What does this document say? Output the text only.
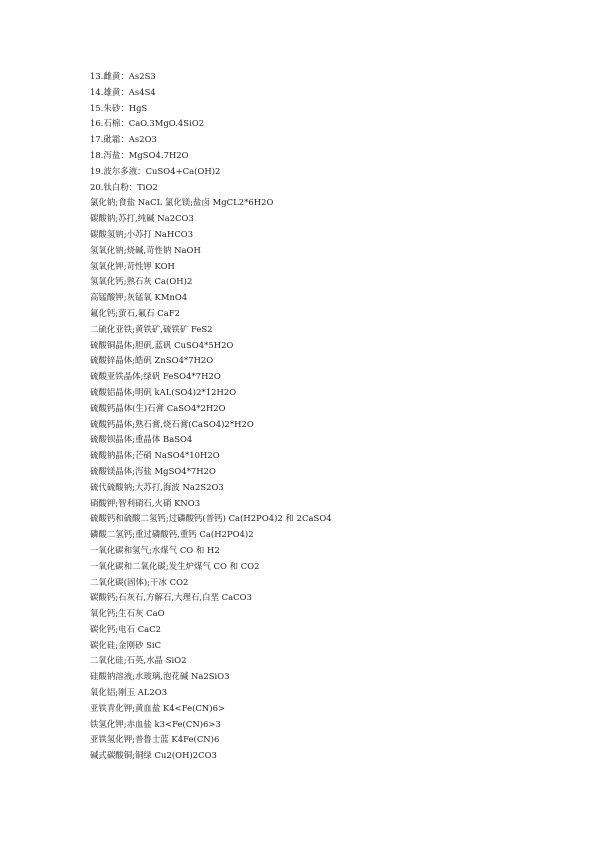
13.雌黄：As2S3
14.雄黄：As4S4
15.朱砂：HgS
16.石棉：CaO.3MgO.4SiO2
17.砒霜：As2O3
18.泻盐：MgSO4.7H2O
19.波尔多液：CuSO4+Ca(OH)2
20.钛白粉：TiO2
氯化钠;食盐 NaCL 氯化镁;盐卤 MgCL2*6H2O
碳酸钠;苏打,纯碱 Na2CO3
碳酸氢钠;小苏打 NaHCO3
氢氧化钠;烧碱,苛性钠 NaOH
氢氧化钾;苛性钾 KOH
氢氧化钙;熟石灰 Ca(OH)2
高锰酸钾;灰锰氧 KMnO4
氟化钙;萤石,氟石 CaF2
二硫化亚铁;黄铁矿,硫铁矿 FeS2
硫酸铜晶体;胆矾,蓝矾 CuSO4*5H2O
硫酸锌晶体;皓矾 ZnSO4*7H2O
硫酸亚铁晶体;绿矾 FeSO4*7H2O
硫酸铝晶体;明矾 kAL(SO4)2*12H2O
硫酸钙晶体(生)石膏 CaSO4*2H2O
硫酸钙晶体;熟石膏,烧石膏(CaSO4)2*H2O
硫酸钡晶体;重晶体 BaSO4
硫酸钠晶体;芒硝 NaSO4*10H2O
硫酸镁晶体;泻盐 MgSO4*7H2O
硫代硫酸钠;大苏打,海波 Na2S2O3
硝酸钾;智利硝石,火硝 KNO3
硫酸钙和硫酸二氢钙;过磷酸钙(普钙) Ca(H2PO4)2 和 2CaSO4
磷酸二氢钙;重过磷酸钙,重钙 Ca(H2PO4)2
一氧化碳和氢气;水煤气 CO 和 H2
一氧化碳和二氧化碳;发生炉煤气 CO 和 CO2
二氧化碳(固体);干冰 CO2
碳酸钙;石灰石,方解石,大理石,白垩 CaCO3
氧化钙;生石灰 CaO
碳化钙;电石 CaC2
碳化硅;金刚砂 SiC
二氧化硅;石英,水晶 SiO2
硅酸钠溶液;水玻璃,泡花碱 Na2SiO3
氧化铝;刚玉 AL2O3
亚铁青化钾;黄血盐 K4<Fe(CN)6>
铁氢化钾;赤血盐 k3<Fe(CN)6>3
亚铁氢化钾;普鲁士蓝 K4Fe(CN)6
碱式碳酸铜;铜绿 Cu2(OH)2CO3
